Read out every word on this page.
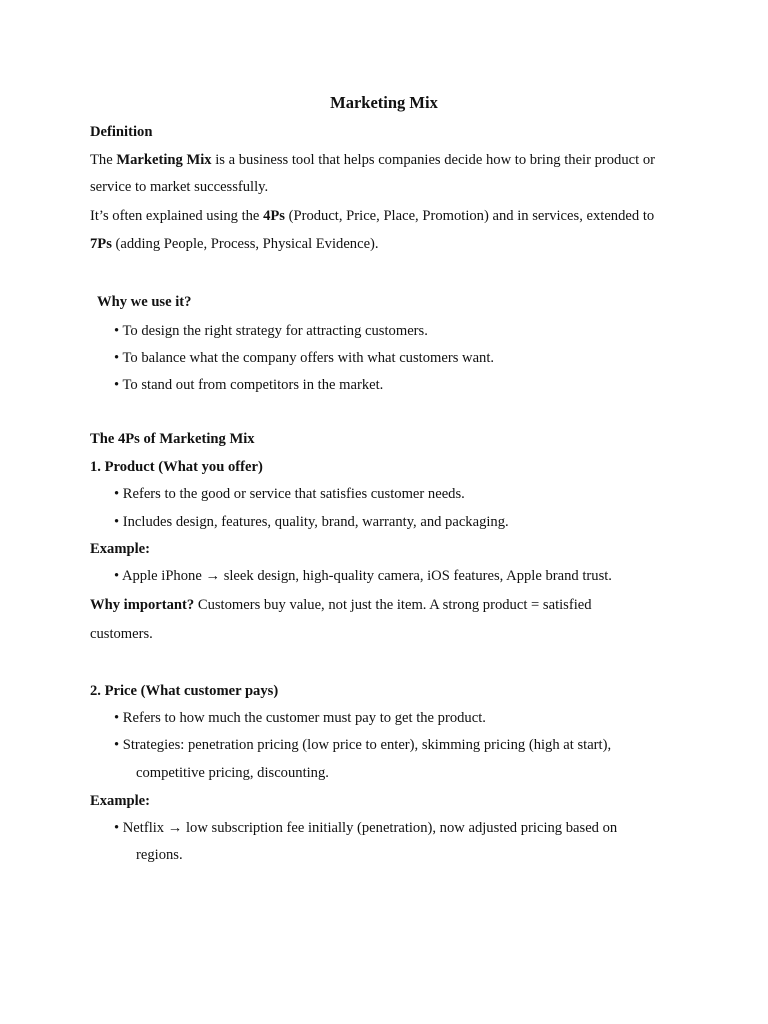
Marketing Mix
Definition
The Marketing Mix is a business tool that helps companies decide how to bring their product or
service to market successfully.
It’s often explained using the 4Ps (Product, Price, Place, Promotion) and in services, extended to
7Ps (adding People, Process, Physical Evidence).
Why we use it?
• To design the right strategy for attracting customers.
• To balance what the company offers with what customers want.
• To stand out from competitors in the market.
The 4Ps of Marketing Mix
1. Product (What you offer)
• Refers to the good or service that satisfies customer needs.
• Includes design, features, quality, brand, warranty, and packaging.
Example:
• Apple iPhone → sleek design, high-quality camera, iOS features, Apple brand trust.
Why important? Customers buy value, not just the item. A strong product = satisfied
customers.
2. Price (What customer pays)
• Refers to how much the customer must pay to get the product.
• Strategies: penetration pricing (low price to enter), skimming pricing (high at start),
competitive pricing, discounting.
Example:
• Netflix → low subscription fee initially (penetration), now adjusted pricing based on
regions.
